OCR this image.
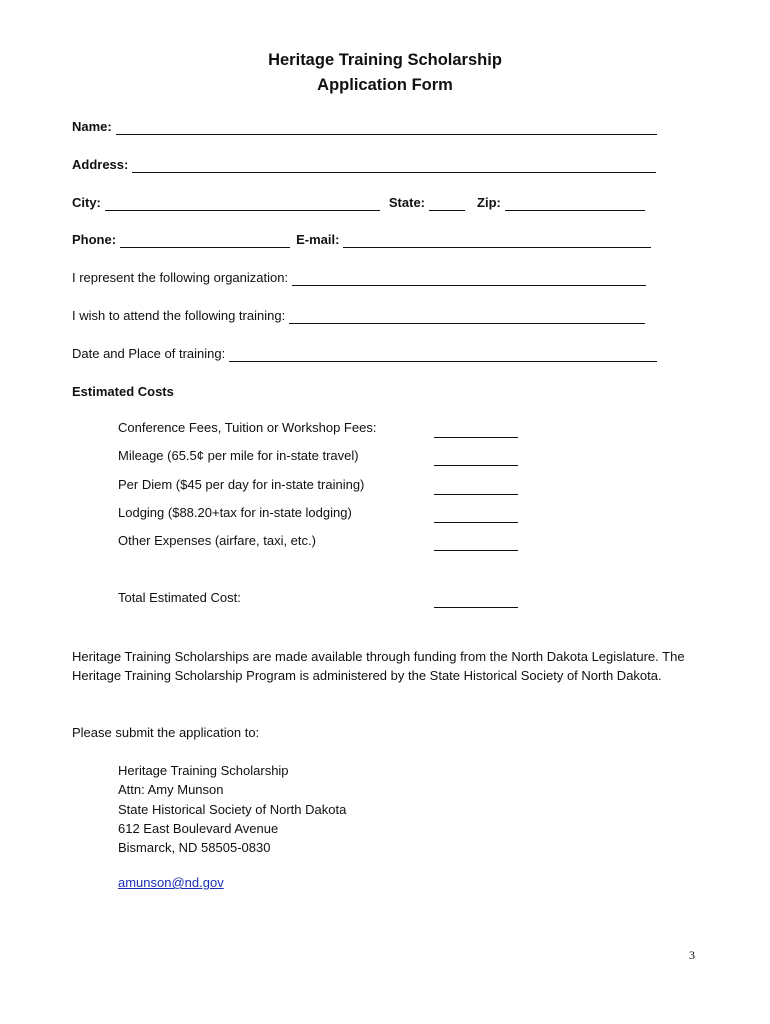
Heritage Training Scholarship
Application Form
Name:
Address:
City:	State:	Zip:
Phone:	E-mail:
I represent the following organization:
I wish to attend the following training:
Date and Place of training:
Estimated Costs
Conference Fees, Tuition or Workshop Fees:
Mileage (65.5¢ per mile for in-state travel)
Per Diem ($45 per day for in-state training)
Lodging ($88.20+tax for in-state lodging)
Other Expenses (airfare, taxi, etc.)
Total Estimated Cost:
Heritage Training Scholarships are made available through funding from the North Dakota Legislature. The Heritage Training Scholarship Program is administered by the State Historical Society of North Dakota.
Please submit the application to:
Heritage Training Scholarship
Attn: Amy Munson
State Historical Society of North Dakota
612 East Boulevard Avenue
Bismarck, ND 58505-0830
amunson@nd.gov
3
